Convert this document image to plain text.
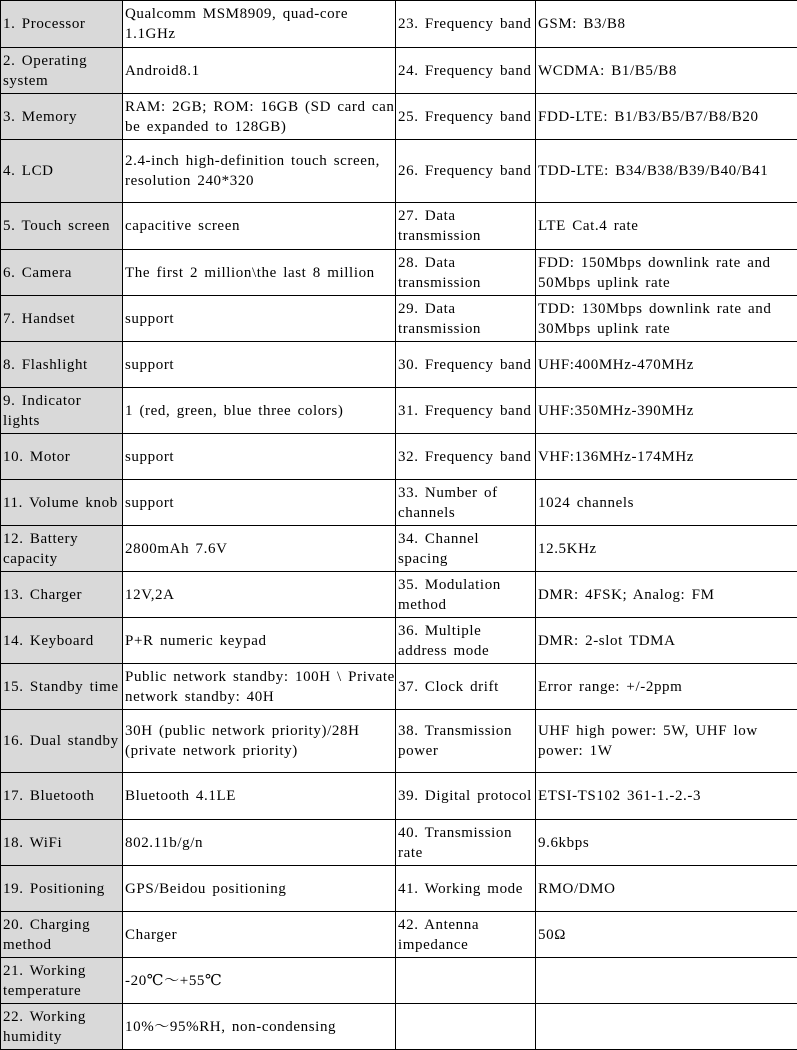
1. Processor	Qualcomm MSM8909, quad-core 1.1GHz	23. Frequency band	GSM: B3/B8
2. Operating system	Android8.1	24. Frequency band	WCDMA: B1/B5/B8
3. Memory	RAM: 2GB; ROM: 16GB (SD card can be expanded to 128GB)	25. Frequency band	FDD-LTE: B1/B3/B5/B7/B8/B20
4. LCD	2.4-inch high-definition touch screen, resolution 240*320	26. Frequency band	TDD-LTE: B34/B38/B39/B40/B41
5. Touch screen	capacitive screen	27. Data transmission	LTE Cat.4 rate
6. Camera	The first 2 million\the last 8 million	28. Data transmission	FDD: 150Mbps downlink rate and 50Mbps uplink rate
7. Handset	support	29. Data transmission	TDD: 130Mbps downlink rate and 30Mbps uplink rate
8. Flashlight	support	30. Frequency band	UHF:400MHz-470MHz
9. Indicator lights	1 (red, green, blue three colors)	31. Frequency band	UHF:350MHz-390MHz
10. Motor	support	32. Frequency band	VHF:136MHz-174MHz
11. Volume knob	support	33. Number of channels	1024 channels
12. Battery capacity	2800mAh 7.6V	34. Channel spacing	12.5KHz
13. Charger	12V,2A	35. Modulation method	DMR: 4FSK; Analog: FM
14. Keyboard	P+R numeric keypad	36. Multiple address mode	DMR: 2-slot TDMA
15. Standby time	Public network standby: 100H \ Private network standby: 40H	37. Clock drift	Error range: +/-2ppm
16. Dual standby	30H (public network priority)/28H (private network priority)	38. Transmission power	UHF high power: 5W, UHF low power: 1W
17. Bluetooth	Bluetooth 4.1LE	39. Digital protocol	ETSI-TS102 361-1.-2.-3
18. WiFi	802.11b/g/n	40. Transmission rate	9.6kbps
19. Positioning	GPS/Beidou positioning	41. Working mode	RMO/DMO
20. Charging method	Charger	42. Antenna impedance	50Ω
21. Working temperature	-20℃～+55℃		
22. Working humidity	10%～95%RH, non-condensing		
